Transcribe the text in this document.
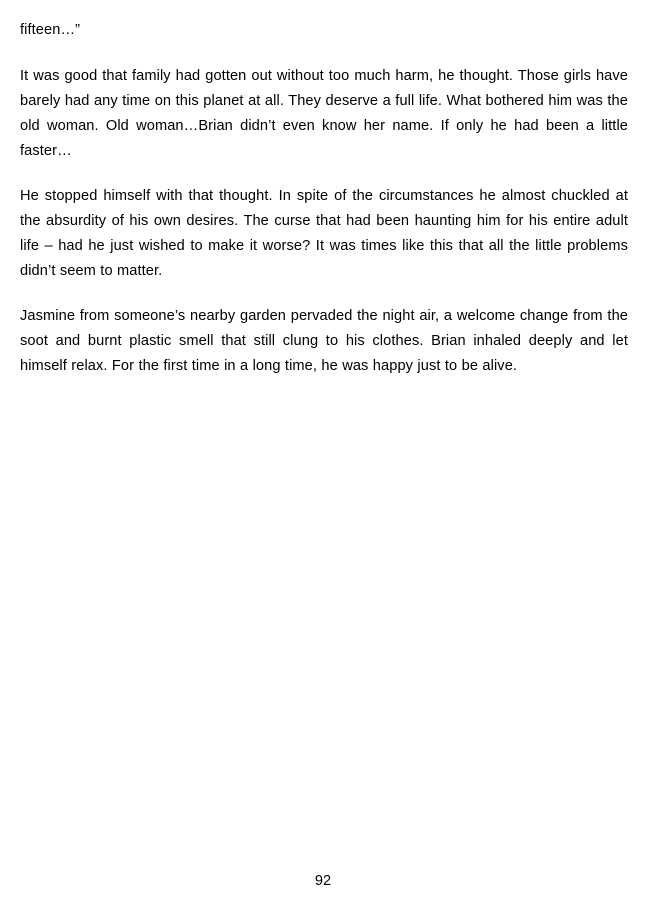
fifteen…”

It was good that family had gotten out without too much harm, he thought. Those girls have barely had any time on this planet at all. They deserve a full life. What bothered him was the old woman. Old woman…Brian didn’t even know her name. If only he had been a little faster…

He stopped himself with that thought. In spite of the circumstances he almost chuckled at the absurdity of his own desires. The curse that had been haunting him for his entire adult life – had he just wished to make it worse? It was times like this that all the little problems didn’t seem to matter.

Jasmine from someone’s nearby garden pervaded the night air, a welcome change from the soot and burnt plastic smell that still clung to his clothes. Brian inhaled deeply and let himself relax. For the first time in a long time, he was happy just to be alive.

92
